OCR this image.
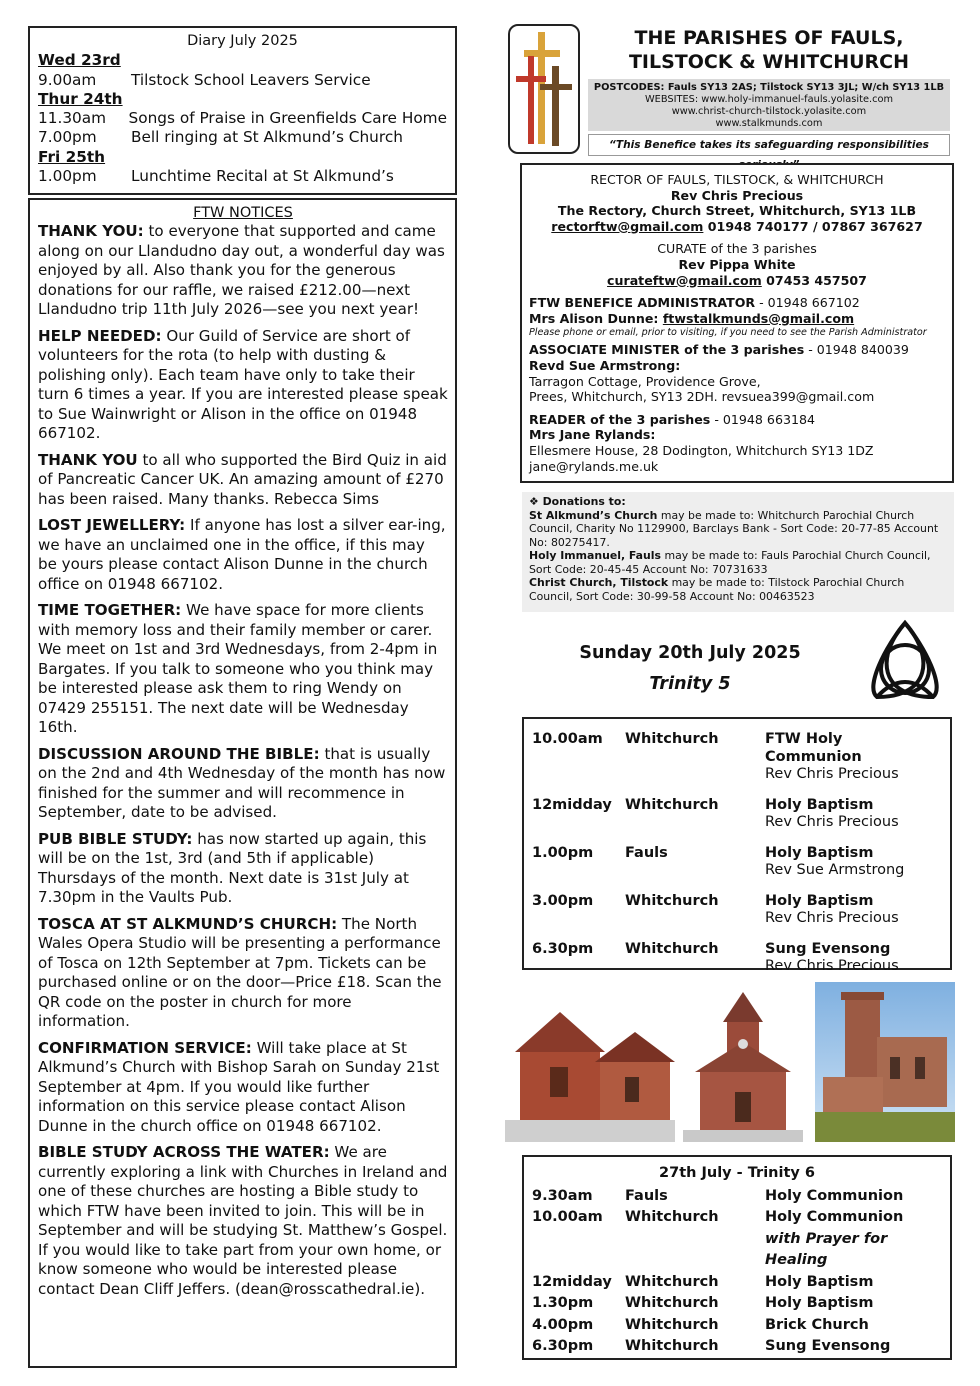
Diary July 2025
Wed 23rd
9.00am	Tilstock School Leavers Service
Thur 24th
11.30am	Songs of Praise in Greenfields Care Home
7.00pm	Bell ringing at St Alkmund’s Church
Fri 25th
1.00pm	Lunchtime Recital at St Alkmund’s
FTW NOTICES
THANK YOU: to everyone that supported and came along on our Llandudno day out, a wonderful day was enjoyed by all. Also thank you for the generous donations for our raffle, we raised £212.00—next Llandudno trip 11th July 2026—see you next year!
HELP NEEDED: Our Guild of Service are short of volunteers for the rota (to help with dusting & polishing only). Each team have only to take their turn 6 times a year. If you are interested please speak to Sue Wainwright or Alison in the office on 01948 667102.
THANK YOU to all who supported the Bird Quiz in aid of Pancreatic Cancer UK. An amazing amount of £270 has been raised. Many thanks. Rebecca Sims
LOST JEWELLERY: If anyone has lost a silver ear-ing, we have an unclaimed one in the office, if this may be yours please contact Alison Dunne in the church office on 01948 667102.
TIME TOGETHER: We have space for more clients with memory loss and their family member or carer. We meet on 1st and 3rd Wednesdays, from 2-4pm in Bargates. If you talk to someone who you think may be interested please ask them to ring Wendy on 07429 255151. The next date will be Wednesday 16th.
DISCUSSION AROUND THE BIBLE: that is usually on the 2nd and 4th Wednesday of the month has now finished for the summer and will recommence in September, date to be advised.
PUB BIBLE STUDY: has now started up again, this will be on the 1st, 3rd (and 5th if applicable) Thursdays of the month. Next date is 31st July at 7.30pm in the Vaults Pub.
TOSCA AT ST ALKMUND’S CHURCH: The North Wales Opera Studio will be presenting a performance of Tosca on 12th September at 7pm. Tickets can be purchased online or on the door—Price £18. Scan the QR code on the poster in church for more information.
CONFIRMATION SERVICE: Will take place at St Alkmund’s Church with Bishop Sarah on Sunday 21st September at 4pm. If you would like further information on this service please contact Alison Dunne in the church office on 01948 667102.
BIBLE STUDY ACROSS THE WATER: We are currently exploring a link with Churches in Ireland and one of these churches are hosting a Bible study to which FTW have been invited to join. This will be in September and will be studying St. Matthew’s Gospel. If you would like to take part from your own home, or know someone who would be interested please contact Dean Cliff Jeffers. (dean@rosscathedral.ie).
THE PARISHES OF FAULS,
TILSTOCK & WHITCHURCH
POSTCODES: Fauls SY13 2AS; Tilstock SY13 3JL; W/ch SY13 1LB
WEBSITES: www.holy-immanuel-fauls.yolasite.com
www.christ-church-tilstock.yolasite.com
www.stalkmunds.com
“This Benefice takes its safeguarding responsibilities
RECTOR OF FAULS, TILSTOCK, & WHITCHURCH
Rev Chris Precious
The Rectory, Church Street, Whitchurch, SY13 1LB
rectorftw@gmail.com 01948 740177 / 07867 367627
CURATE of the 3 parishes
Rev Pippa White
curateftw@gmail.com 07453 457507
FTW BENEFICE ADMINISTRATOR - 01948 667102
Mrs Alison Dunne: ftwstalkmunds@gmail.com
Please phone or email, prior to visiting, if you need to see the Parish Administrator
ASSOCIATE MINISTER of the 3 parishes - 01948 840039
Revd Sue Armstrong:
Tarragon Cottage, Providence Grove,
Prees, Whitchurch, SY13 2DH. revsuea399@gmail.com
READER of the 3 parishes - 01948 663184
Mrs Jane Rylands:
Ellesmere House, 28 Dodington, Whitchurch SY13 1DZ
jane@rylands.me.uk
❖ Donations to:
St Alkmund’s Church may be made to: Whitchurch Parochial Church Council, Charity No 1129900, Barclays Bank - Sort Code: 20-77-85 Account No: 80275417.
Holy Immanuel, Fauls may be made to: Fauls Parochial Church Council, Sort Code: 20-45-45 Account No: 70731633
Christ Church, Tilstock may be made to: Tilstock Parochial Church Council, Sort Code: 30-99-58 Account No: 00463523
Sunday 20th July 2025
Trinity 5
10.00am	Whitchurch	FTW Holy Communion
Rev Chris Precious
12midday Whitchurch	Holy Baptism
Rev Chris Precious
1.00pm	Fauls	Holy Baptism
Rev Sue Armstrong
3.00pm	Whitchurch	Holy Baptism
Rev Chris Precious
6.30pm	Whitchurch	Sung Evensong
Rev Chris Precious
27th July - Trinity 6
9.30am	Fauls	Holy Communion
10.00am	Whitchurch	Holy Communion
with Prayer for Healing
12midday Whitchurch	Holy Baptism
1.30pm	Whitchurch	Holy Baptism
4.00pm	Whitchurch	Brick Church
6.30pm	Whitchurch	Sung Evensong
